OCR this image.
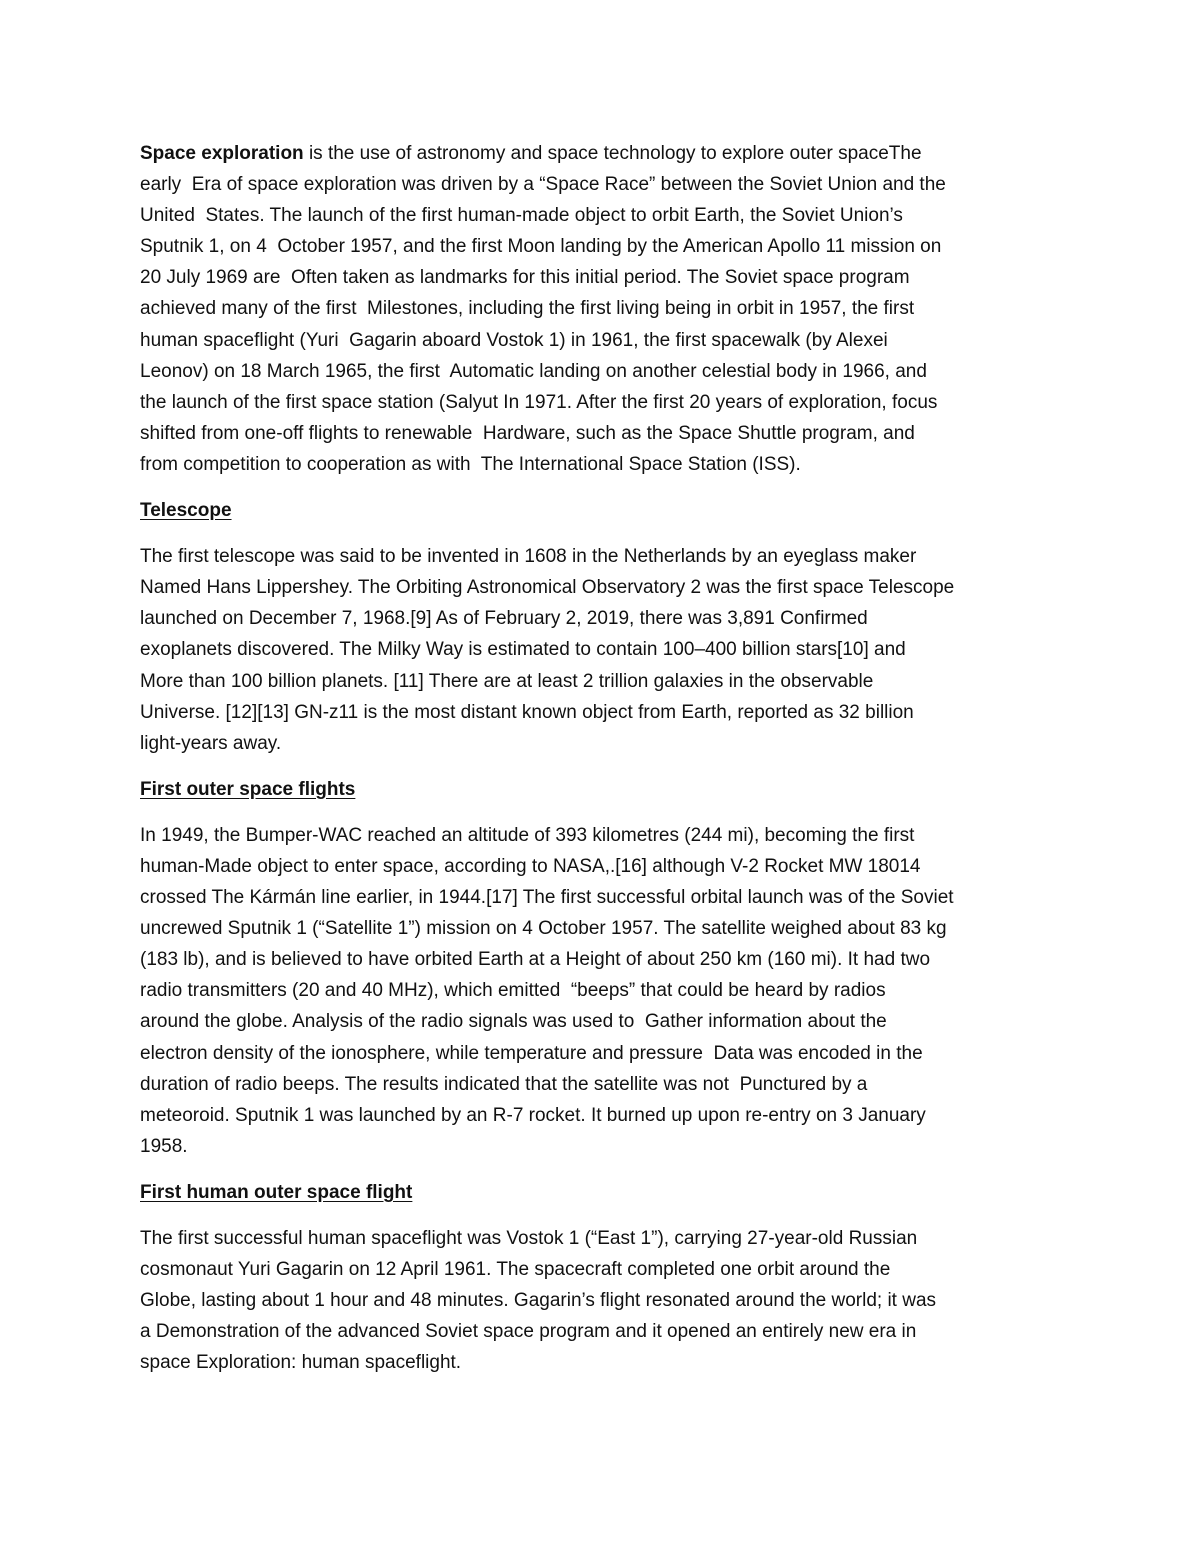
Space exploration is the use of astronomy and space technology to explore outer spaceThe
early  Era of space exploration was driven by a “Space Race” between the Soviet Union and the
United  States. The launch of the first human-made object to orbit Earth, the Soviet Union’s
Sputnik 1, on 4  October 1957, and the first Moon landing by the American Apollo 11 mission on
20 July 1969 are  Often taken as landmarks for this initial period. The Soviet space program
achieved many of the first  Milestones, including the first living being in orbit in 1957, the first
human spaceflight (Yuri  Gagarin aboard Vostok 1) in 1961, the first spacewalk (by Alexei
Leonov) on 18 March 1965, the first  Automatic landing on another celestial body in 1966, and
the launch of the first space station (Salyut In 1971. After the first 20 years of exploration, focus
shifted from one-off flights to renewable  Hardware, such as the Space Shuttle program, and
from competition to cooperation as with  The International Space Station (ISS).
Telescope
The first telescope was said to be invented in 1608 in the Netherlands by an eyeglass maker
Named Hans Lippershey. The Orbiting Astronomical Observatory 2 was the first space Telescope
launched on December 7, 1968.[9] As of February 2, 2019, there was 3,891 Confirmed
exoplanets discovered. The Milky Way is estimated to contain 100–400 billion stars[10] and
More than 100 billion planets. [11] There are at least 2 trillion galaxies in the observable
Universe. [12][13] GN-z11 is the most distant known object from Earth, reported as 32 billion
light-years away.
First outer space flights
In 1949, the Bumper-WAC reached an altitude of 393 kilometres (244 mi), becoming the first
human-Made object to enter space, according to NASA,.[16] although V-2 Rocket MW 18014
crossed The Kármán line earlier, in 1944.[17] The first successful orbital launch was of the Soviet
uncrewed Sputnik 1 (“Satellite 1”) mission on 4 October 1957. The satellite weighed about 83 kg
(183 lb), and is believed to have orbited Earth at a Height of about 250 km (160 mi). It had two
radio transmitters (20 and 40 MHz), which emitted  “beeps” that could be heard by radios
around the globe. Analysis of the radio signals was used to  Gather information about the
electron density of the ionosphere, while temperature and pressure  Data was encoded in the
duration of radio beeps. The results indicated that the satellite was not  Punctured by a
meteoroid. Sputnik 1 was launched by an R-7 rocket. It burned up upon re-entry on 3 January
1958.
First human outer space flight
The first successful human spaceflight was Vostok 1 (“East 1”), carrying 27-year-old Russian
cosmonaut Yuri Gagarin on 12 April 1961. The spacecraft completed one orbit around the
Globe, lasting about 1 hour and 48 minutes. Gagarin’s flight resonated around the world; it was
a Demonstration of the advanced Soviet space program and it opened an entirely new era in
space Exploration: human spaceflight.
